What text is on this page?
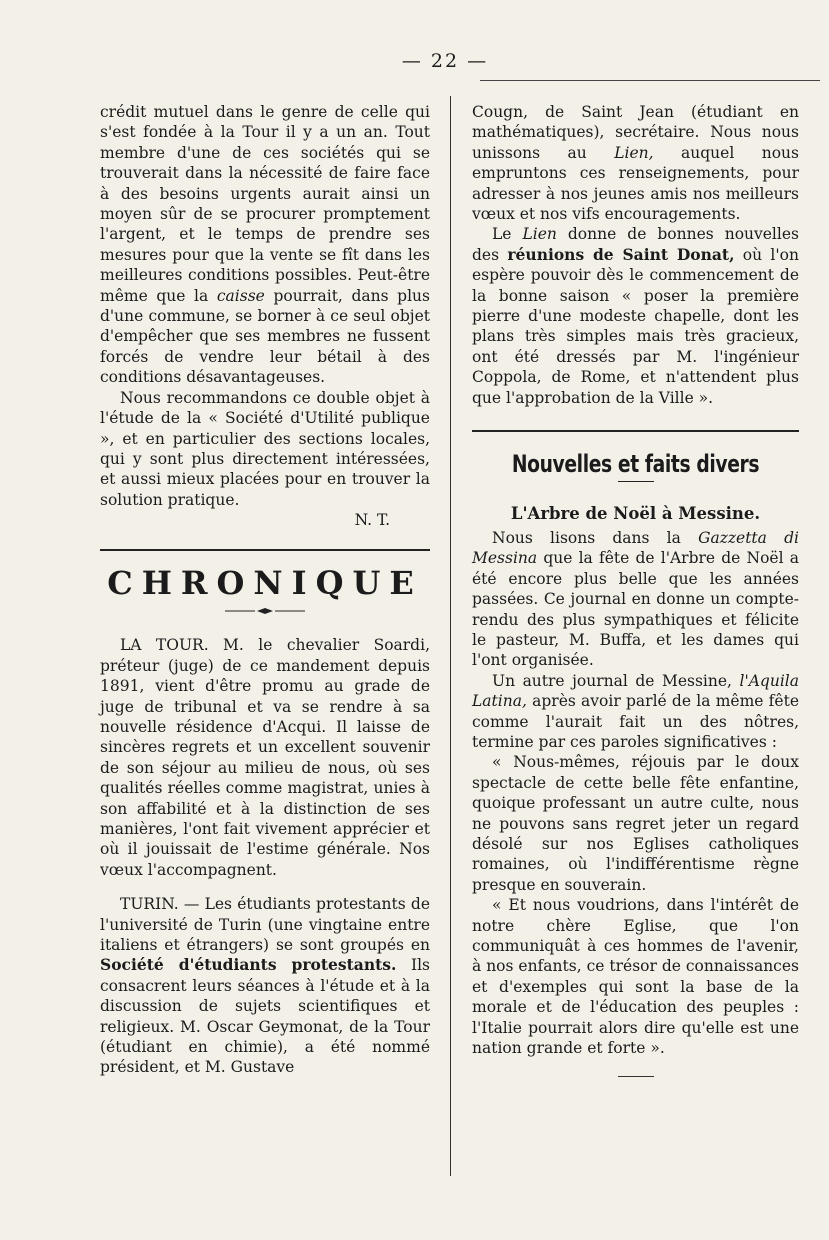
— 22 —

crédit mutuel dans le genre de celle qui s'est fondée à la Tour il y a un an. Tout membre d'une de ces sociétés qui se trouverait dans la nécessité de faire face à des besoins urgents aurait ainsi un moyen sûr de se procurer promptement l'argent, et le temps de prendre ses mesures pour que la vente se fît dans les meilleures conditions possibles. Peut-être même que la caisse pourrait, dans plus d'une commune, se borner à ce seul objet d'empêcher que ses membres ne fussent forcés de vendre leur bétail à des conditions désavantageuses.

Nous recommandons ce double objet à l'étude de la « Société d'Utilité publique », et en particulier des sections locales, qui y sont plus directement intéressées, et aussi mieux placées pour en trouver la solution pratique.

N. T.

CHRONIQUE

LA TOUR. M. le chevalier Soardi, préteur (juge) de ce mandement depuis 1891, vient d'être promu au grade de juge de tribunal et va se rendre à sa nouvelle résidence d'Acqui. Il laisse de sincères regrets et un excellent souvenir de son séjour au milieu de nous, où ses qualités réelles comme magistrat, unies à son affabilité et à la distinction de ses manières, l'ont fait vivement apprécier et où il jouissait de l'estime générale. Nos vœux l'accompagnent.

TURIN. — Les étudiants protestants de l'université de Turin (une vingtaine entre italiens et étrangers) se sont groupés en Société d'étudiants protestants. Ils consacrent leurs séances à l'étude et à la discussion de sujets scientifiques et religieux. M. Oscar Geymonat, de la Tour (étudiant en chimie), a été nommé président, et M. Gustave

Cougn, de Saint Jean (étudiant en mathématiques), secrétaire. Nous nous unissons au Lien, auquel nous empruntons ces renseignements, pour adresser à nos jeunes amis nos meilleurs vœux et nos vifs encouragements.

Le Lien donne de bonnes nouvelles des réunions de Saint Donat, où l'on espère pouvoir dès le commencement de la bonne saison « poser la première pierre d'une modeste chapelle, dont les plans très simples mais très gracieux, ont été dressés par M. l'ingénieur Coppola, de Rome, et n'attendent plus que l'approbation de la Ville ».

Nouvelles et faits divers
L'Arbre de Noël à Messine.

Nous lisons dans la Gazzetta di Messina que la fête de l'Arbre de Noël a été encore plus belle que les années passées. Ce journal en donne un compte-rendu des plus sympathiques et félicite le pasteur, M. Buffa, et les dames qui l'ont organisée.

Un autre journal de Messine, l'Aquila Latina, après avoir parlé de la même fête comme l'aurait fait un des nôtres, termine par ces paroles significatives :

« Nous-mêmes, réjouis par le doux spectacle de cette belle fête enfantine, quoique professant un autre culte, nous ne pouvons sans regret jeter un regard désolé sur nos Eglises catholiques romaines, où l'indifférentisme règne presque en souverain.

« Et nous voudrions, dans l'intérêt de notre chère Eglise, que l'on communiquât à ces hommes de l'avenir, à nos enfants, ce trésor de connaissances et d'exemples qui sont la base de la morale et de l'éducation des peuples : l'Italie pourrait alors dire qu'elle est une nation grande et forte ».
